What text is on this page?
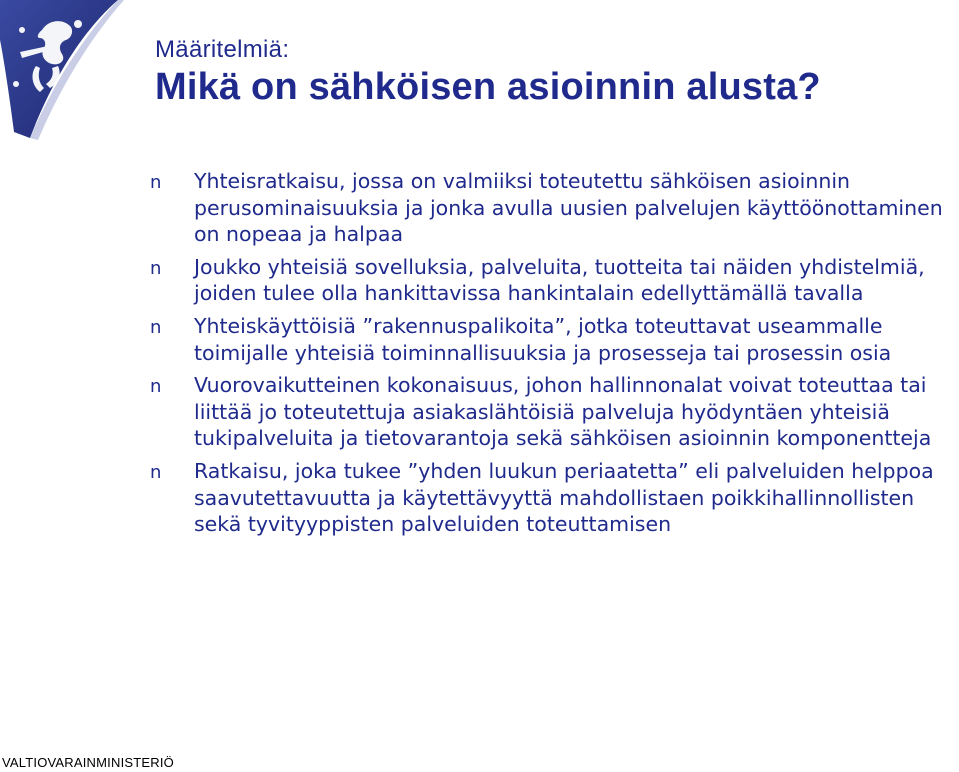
Määritelmiä:
Mikä on sähköisen asioinnin alusta?
n	Yhteisratkaisu, jossa on valmiiksi toteutettu sähköisen asioinnin perusominaisuuksia ja jonka avulla uusien palvelujen käyttöönottaminen on nopeaa ja halpaa
n	Joukko yhteisiä sovelluksia, palveluita, tuotteita tai näiden yhdistelmiä, joiden tulee olla hankittavissa hankintalain edellyttämällä tavalla
n	Yhteiskäyttöisiä ”rakennuspalikoita”, jotka toteuttavat useammalle toimijalle yhteisiä toiminnallisuuksia ja prosesseja tai prosessin osia
n	Vuorovaikutteinen kokonaisuus, johon hallinnonalat voivat toteuttaa tai liittää jo toteutettuja asiakaslähtöisiä palveluja hyödyntäen yhteisiä tukipalveluita ja tietovarantoja sekä sähköisen asioinnin komponentteja
n	Ratkaisu, joka tukee ”yhden luukun periaatetta” eli palveluiden helppoa saavutettavuutta ja käytettävyyttä mahdollistaen poikkihallinnollisten sekä tyvityyppisten palveluiden toteuttamisen
VALTIOVARAINMINISTERIÖ
